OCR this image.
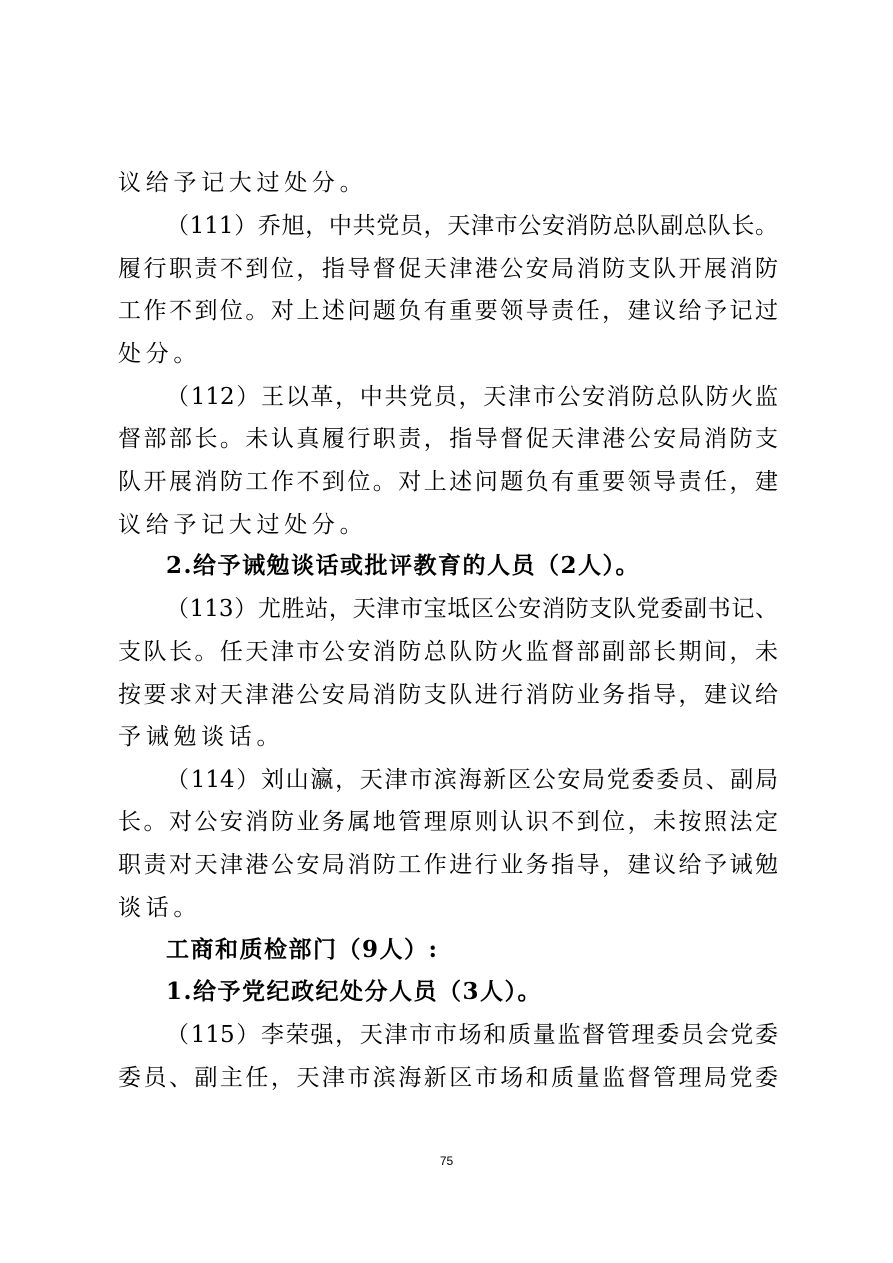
议给予记大过处分。
（111）乔旭，中共党员，天津市公安消防总队副总队长。
履行职责不到位，指导督促天津港公安局消防支队开展消防
工作不到位。对上述问题负有重要领导责任，建议给予记过
处分。
（112）王以革，中共党员，天津市公安消防总队防火监
督部部长。未认真履行职责，指导督促天津港公安局消防支
队开展消防工作不到位。对上述问题负有重要领导责任，建
议给予记大过处分。
2.给予诫勉谈话或批评教育的人员（2人）。
（113）尤胜站，天津市宝坻区公安消防支队党委副书记、
支队长。任天津市公安消防总队防火监督部副部长期间，未
按要求对天津港公安局消防支队进行消防业务指导，建议给
予诫勉谈话。
（114）刘山瀛，天津市滨海新区公安局党委委员、副局
长。对公安消防业务属地管理原则认识不到位，未按照法定
职责对天津港公安局消防工作进行业务指导，建议给予诫勉
谈话。
工商和质检部门（9人）:
1.给予党纪政纪处分人员（3人）。
（115）李荣强，天津市市场和质量监督管理委员会党委
委员、副主任，天津市滨海新区市场和质量监督管理局党委
75
